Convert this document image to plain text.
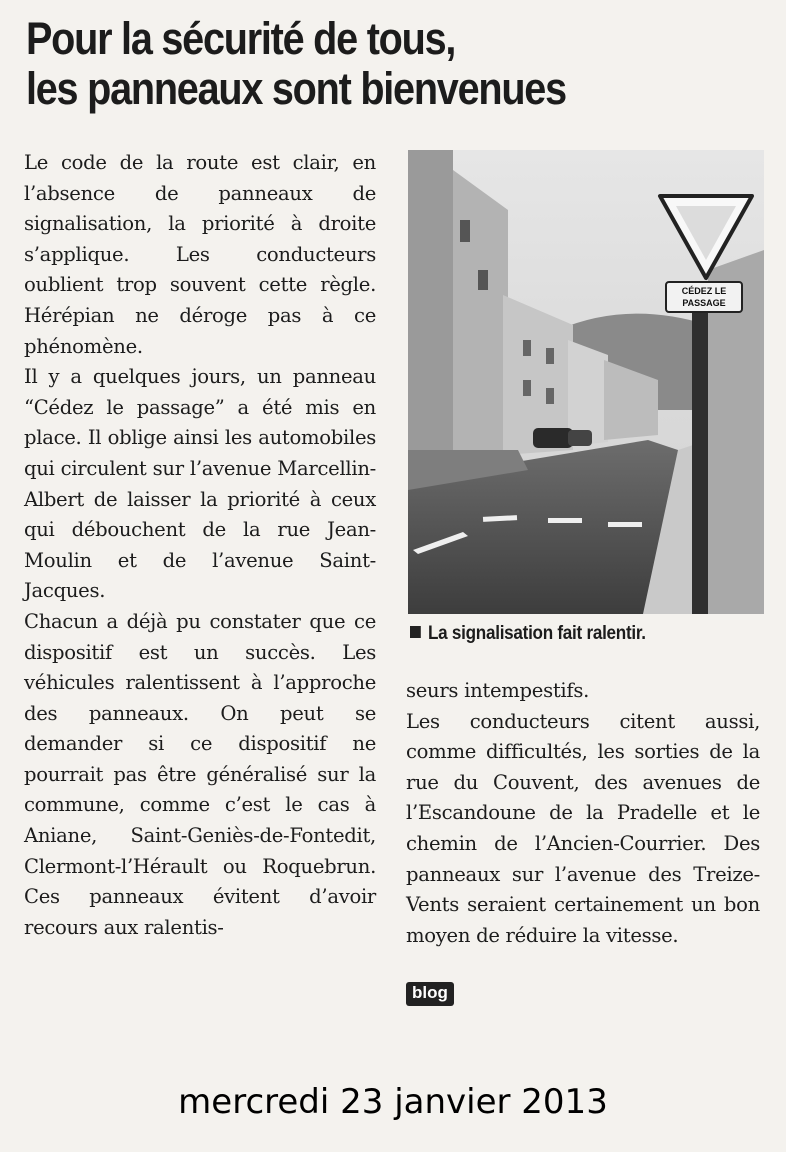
Pour la sécurité de tous,
les panneaux sont bienvenues

Le code de la route est clair, en l’absence de panneaux de signalisation, la priorité à droite s’applique. Les conducteurs oublient trop souvent cette règle. Hérépian ne déroge pas à ce phénomène.

Il y a quelques jours, un panneau “Cédez le passage” a été mis en place. Il oblige ainsi les automobiles qui circulent sur l’avenue Marcellin-Albert de laisser la priorité à ceux qui débouchent de la rue Jean-Moulin et de l’avenue Saint-Jacques.

Chacun a déjà pu constater que ce dispositif est un succès. Les véhicules ralentissent à l’approche des panneaux. On peut se demander si ce dispositif ne pourrait pas être généralisé sur la commune, comme c’est le cas à Aniane, Saint-Geniès-de-Fontedit, Clermont-l’Hérault ou Roquebrun. Ces panneaux évitent d’avoir recours aux ralentis-

CÉDEZ LE
PASSAGE
La signalisation fait ralentir.

seurs intempestifs.

Les conducteurs citent aussi, comme difficultés, les sorties de la rue du Couvent, des avenues de l’Escandoune de la Pradelle et le chemin de l’Ancien-Courrier. Des panneaux sur l’avenue des Treize-Vents seraient certainement un bon moyen de réduire la vitesse.

blog
mercredi 23 janvier 2013
